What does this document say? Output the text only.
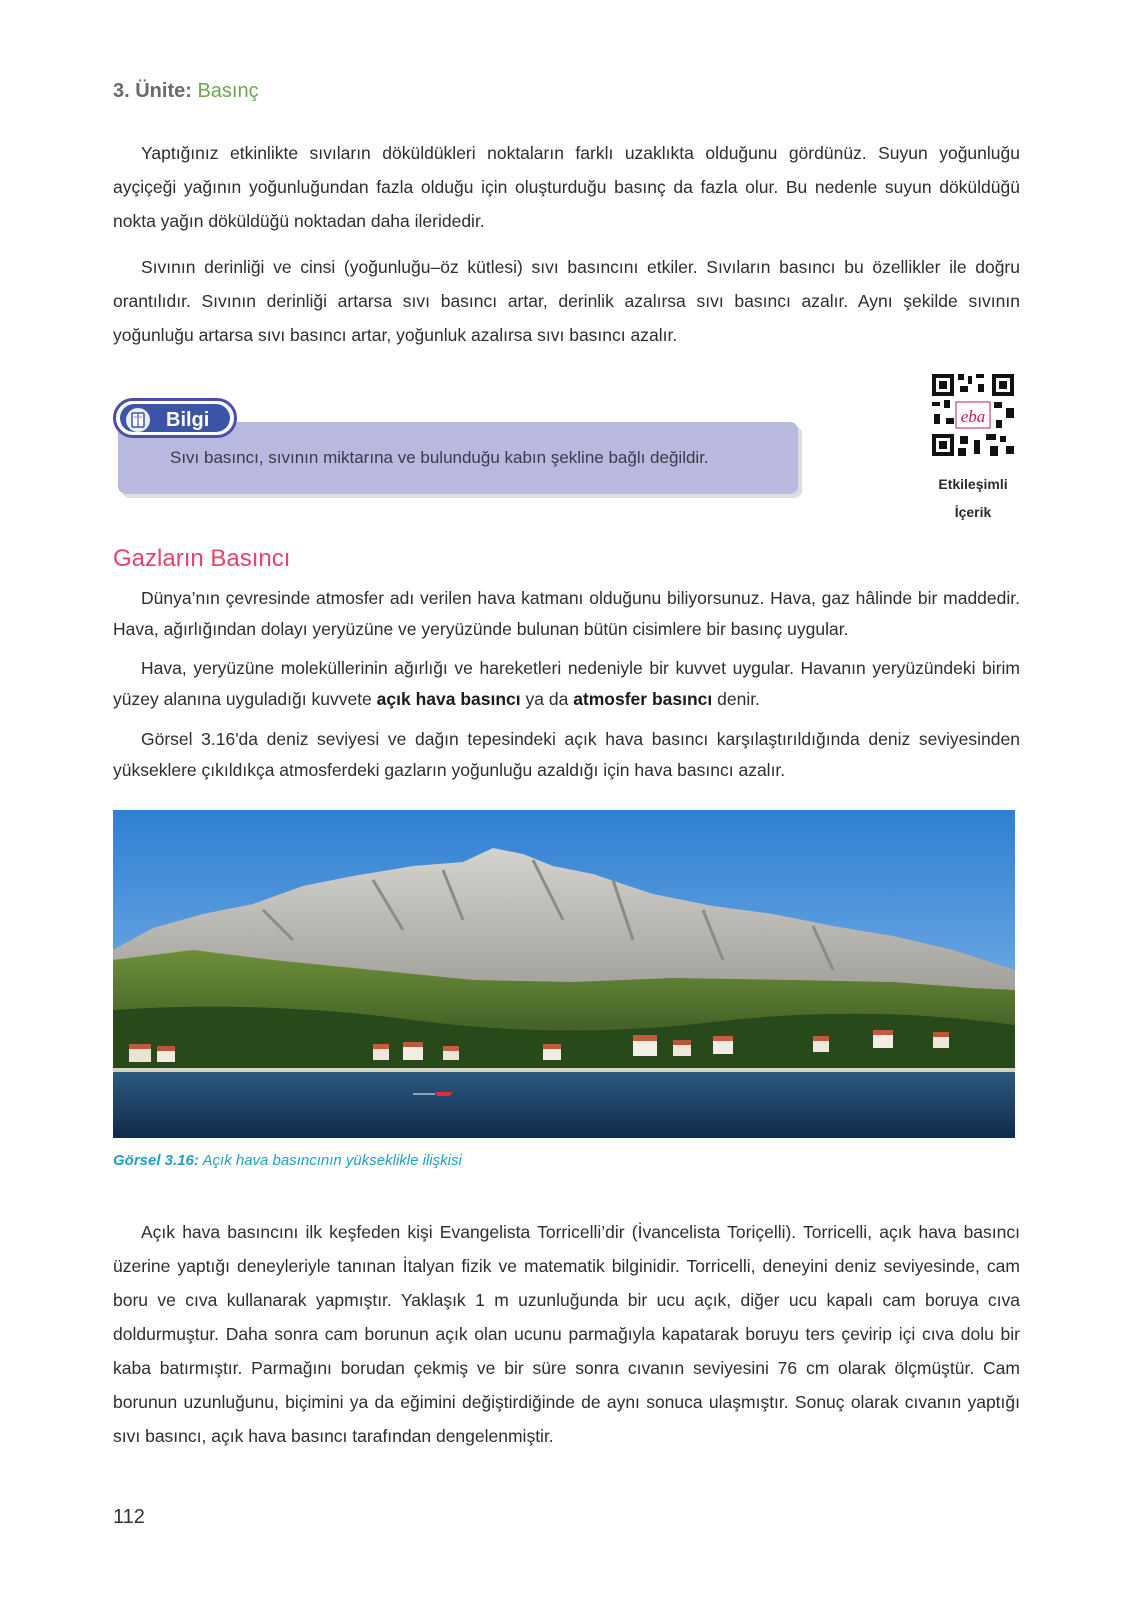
3. Ünite: Basınç

Yaptığınız etkinlikte sıvıların döküldükleri noktaların farklı uzaklıkta olduğunu gördünüz. Suyun yoğunluğu ayçiçeği yağının yoğunluğundan fazla olduğu için oluşturduğu basınç da fazla olur. Bu nedenle suyun döküldüğü nokta yağın döküldüğü noktadan daha ileridedir.

Sıvının derinliği ve cinsi (yoğunluğu–öz kütlesi) sıvı basıncını etkiler. Sıvıların basıncı bu özellikler ile doğru orantılıdır. Sıvının derinliği artarsa sıvı basıncı artar, derinlik azalırsa sıvı basıncı azalır. Aynı şekilde sıvının yoğunluğu artarsa sıvı basıncı artar, yoğunluk azalırsa sıvı basıncı azalır.

Sıvı basıncı, sıvının miktarına ve bulunduğu kabın şekline bağlı değildir.

Bilgi	eba
Etkileşimli
İçerik
Gazların Basıncı

Dünya’nın çevresinde atmosfer adı verilen hava katmanı olduğunu biliyorsunuz. Hava, gaz hâlinde bir maddedir. Hava, ağırlığından dolayı yeryüzüne ve yeryüzünde bulunan bütün cisimlere bir basınç uygular.

Hava, yeryüzüne moleküllerinin ağırlığı ve hareketleri nedeniyle bir kuvvet uygular. Havanın yeryüzündeki birim yüzey alanına uyguladığı kuvvete açık hava basıncı ya da atmosfer basıncı denir.

Görsel 3.16'da deniz seviyesi ve dağın tepesindeki açık hava basıncı karşılaştırıldığında deniz seviyesinden yükseklere çıkıldıkça atmosferdeki gazların yoğunluğu azaldığı için hava basıncı azalır.

Görsel 3.16: Açık hava basıncının yükseklikle ilişkisi

Açık hava basıncını ilk keşfeden kişi Evangelista Torricelli’dir (İvancelista Toriçelli). Torricelli, açık hava basıncı üzerine yaptığı deneyleriyle tanınan İtalyan fizik ve matematik bilginidir. Torricelli, deneyini deniz seviyesinde, cam boru ve cıva kullanarak yapmıştır. Yaklaşık 1 m uzunluğunda bir ucu açık, diğer ucu kapalı cam boruya cıva doldurmuştur. Daha sonra cam borunun açık olan ucunu parmağıyla kapatarak boruyu ters çevirip içi cıva dolu bir kaba batırmıştır. Parmağını borudan çekmiş ve bir süre sonra cıvanın seviyesini 76 cm olarak ölçmüştür. Cam borunun uzunluğunu, biçimini ya da eğimini değiştirdiğinde de aynı sonuca ulaşmıştır. Sonuç olarak cıvanın yaptığı sıvı basıncı, açık hava basıncı tarafından dengelenmiştir.

112
